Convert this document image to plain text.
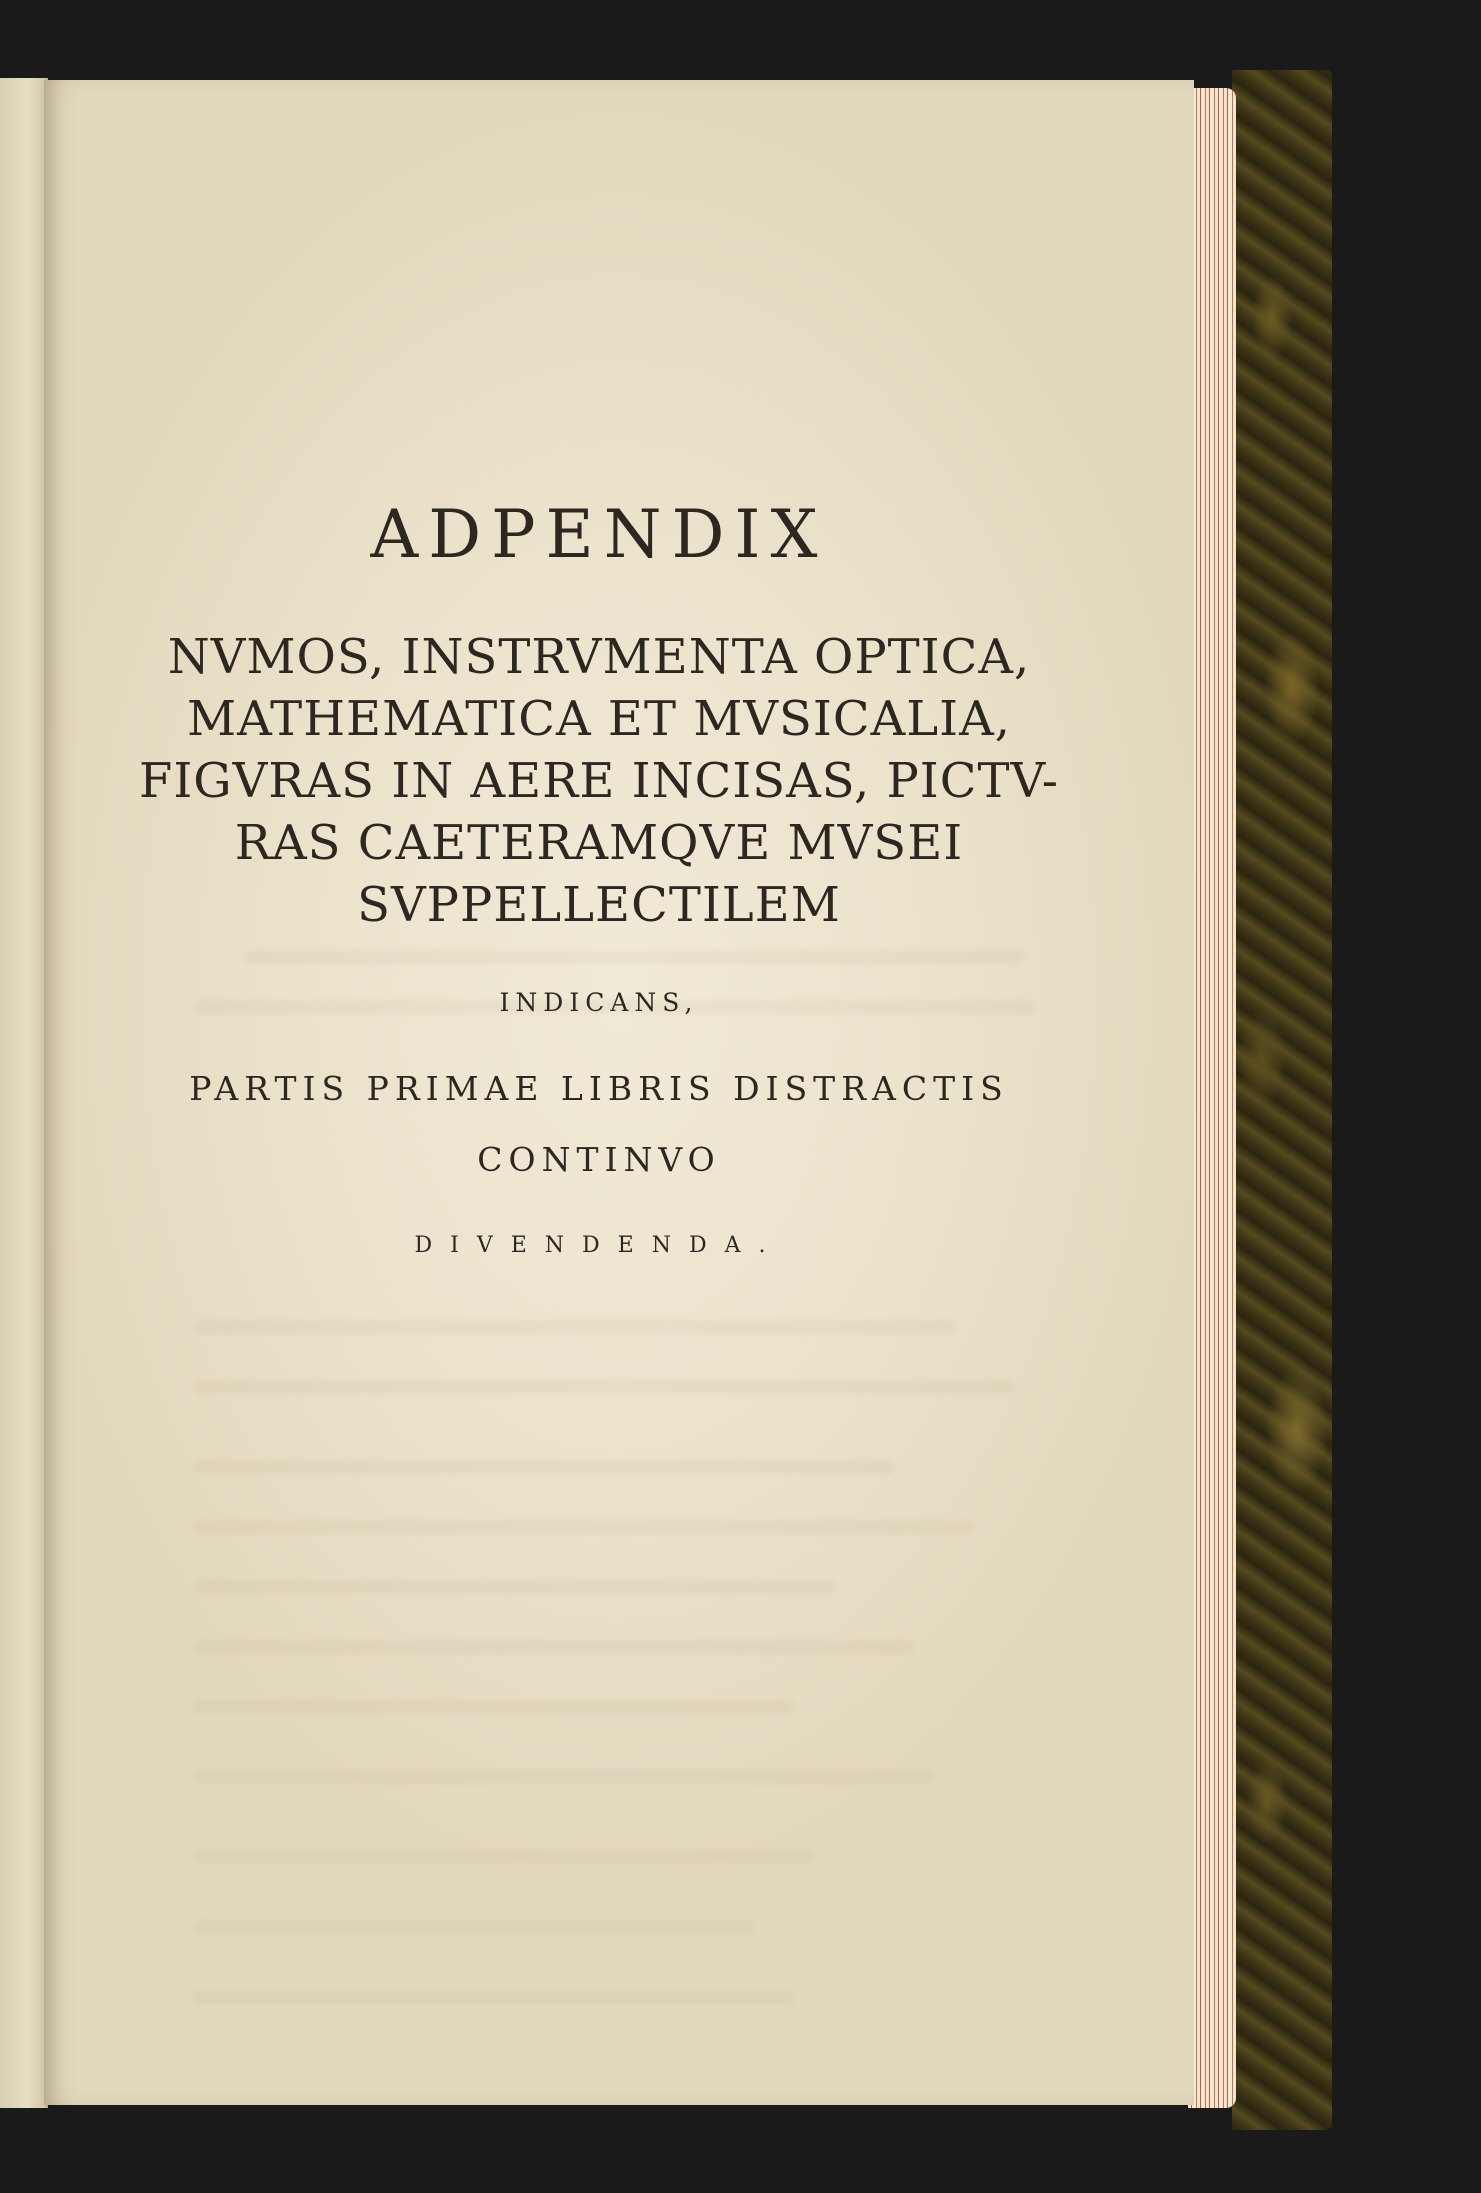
ADPENDIX
NVMOS, INSTRVMENTA OPTICA,
MATHEMATICA ET MVSICALIA,
FIGVRAS IN AERE INCISAS, PICTV-
RAS CAETERAMQVE MVSEI
SVPPELLECTILEM
INDICANS,
PARTIS PRIMAE LIBRIS DISTRACTIS
CONTINVO
DIVENDENDA.
